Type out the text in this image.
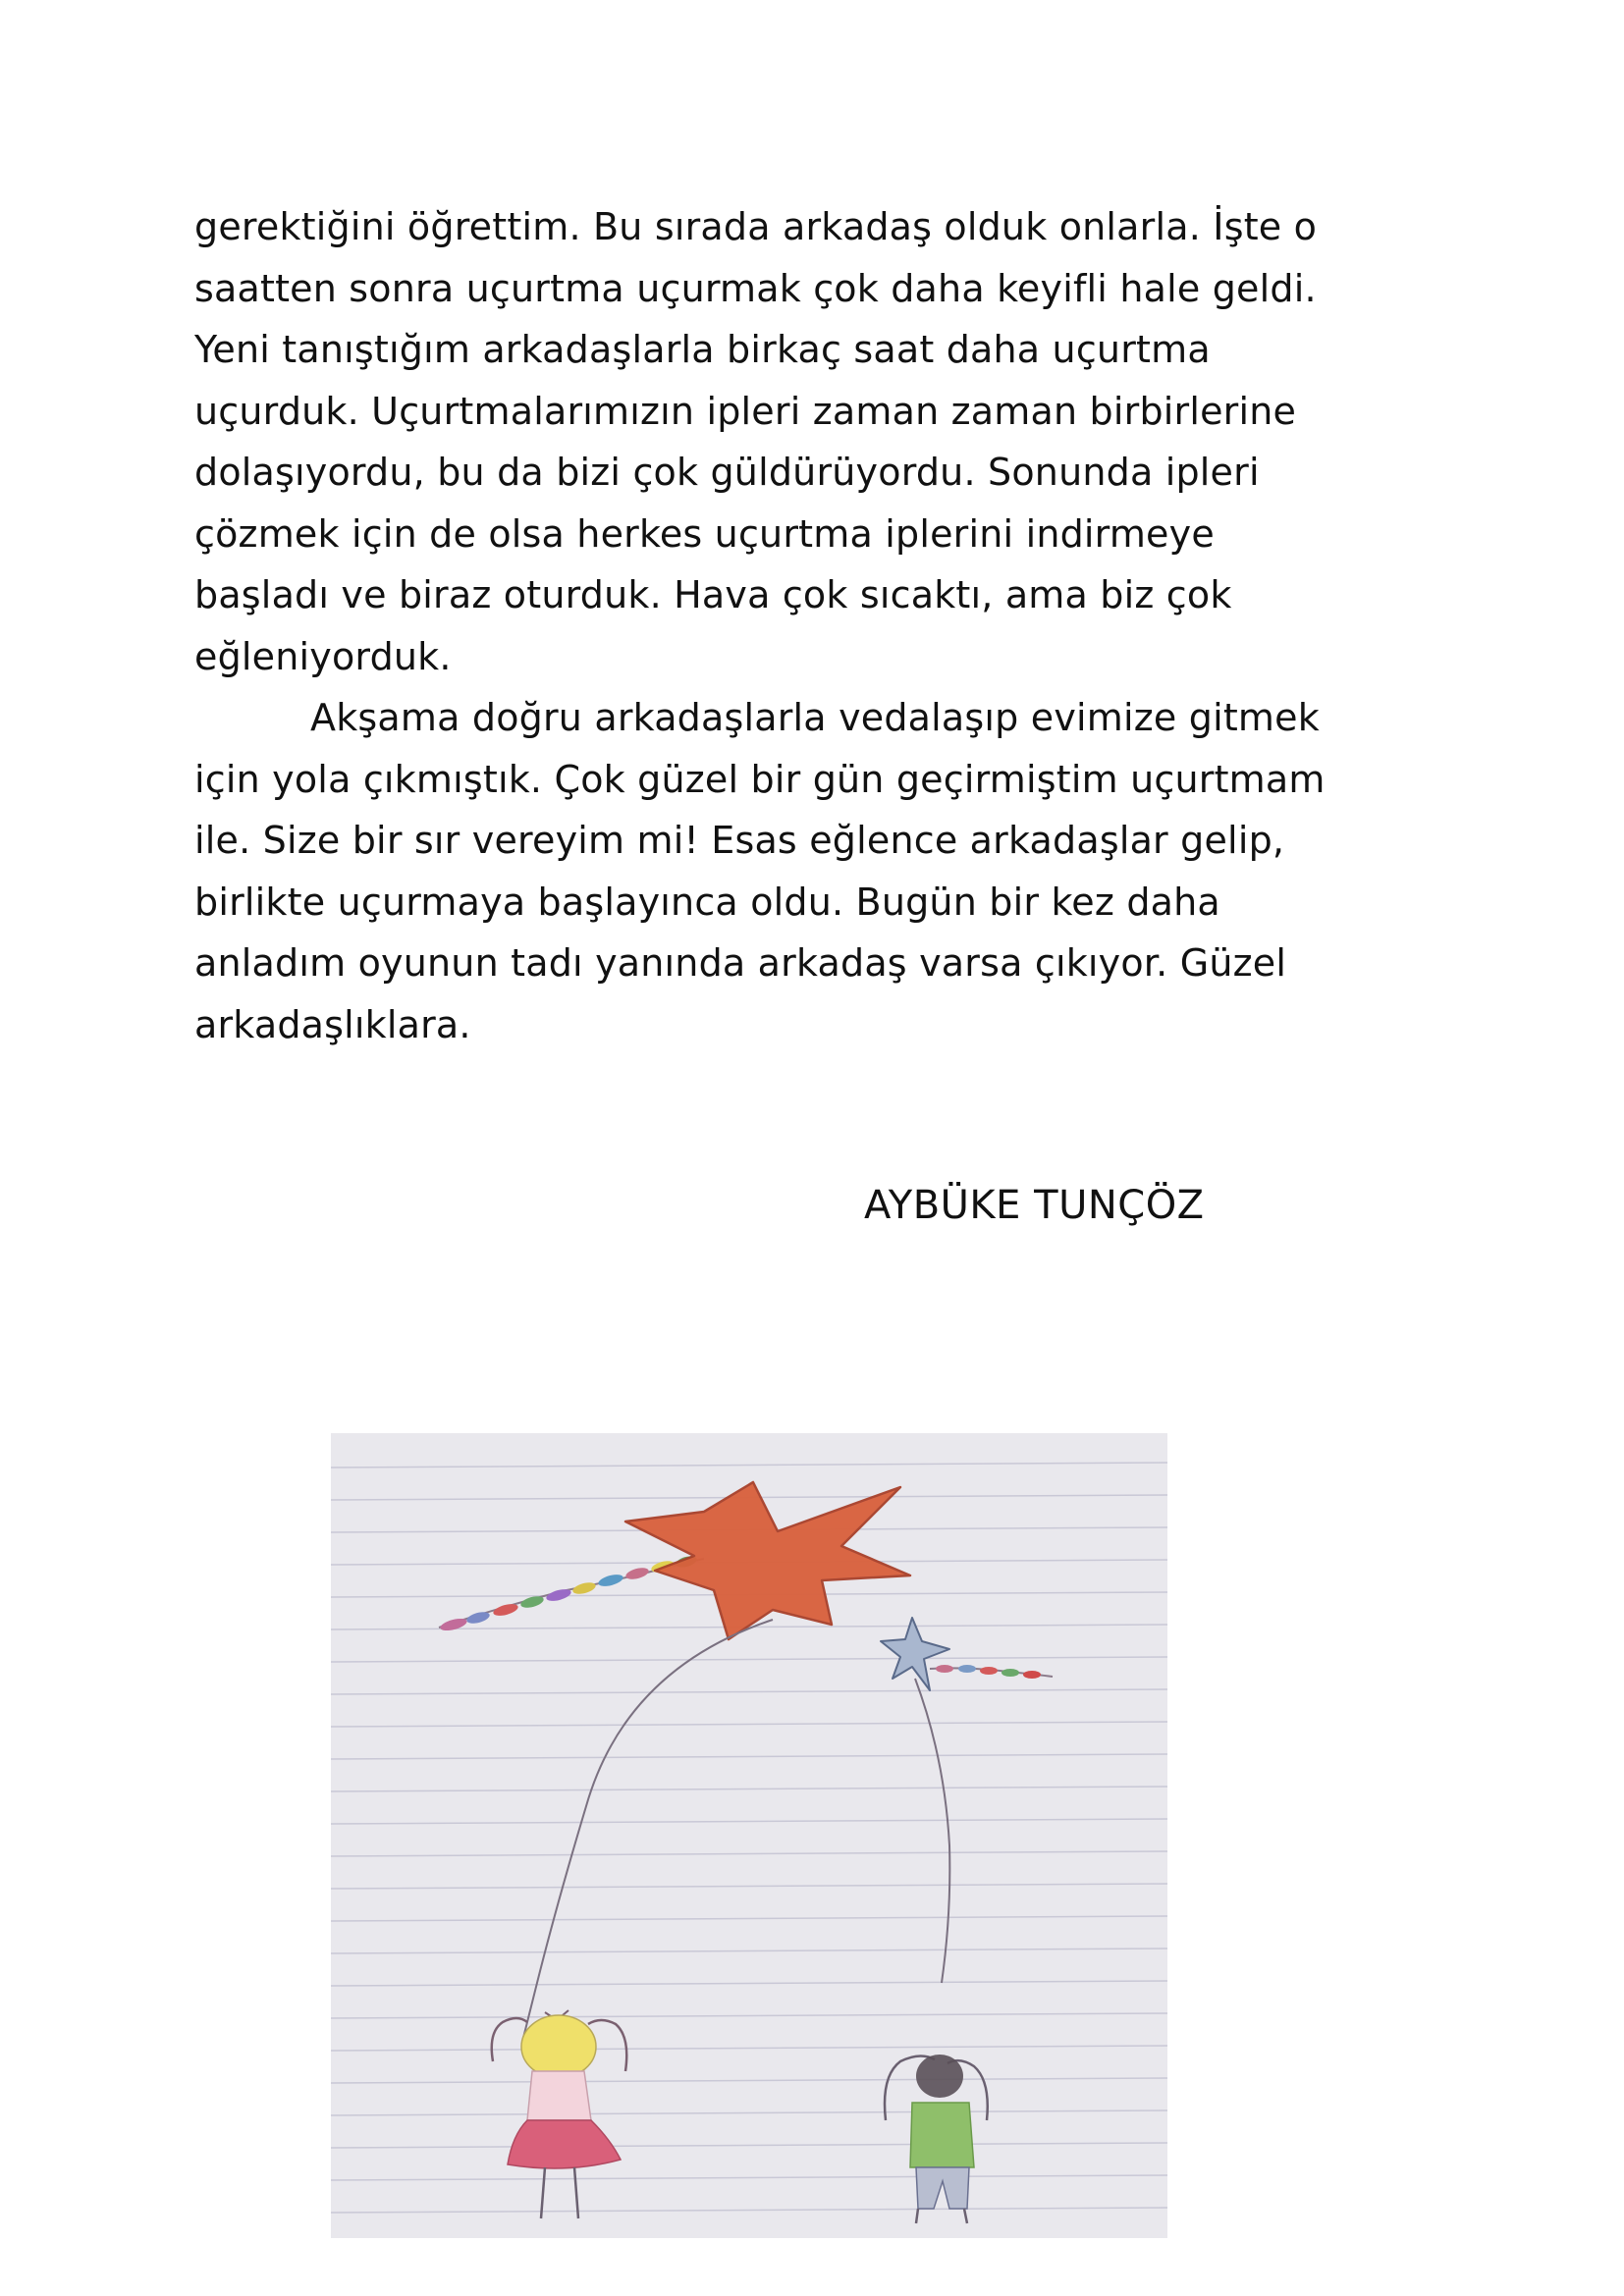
gerektiğini öğrettim. Bu sırada arkadaş olduk onlarla. İşte o
saatten sonra uçurtma uçurmak çok daha keyifli hale geldi.
Yeni tanıştığım arkadaşlarla birkaç saat daha uçurtma
uçurduk. Uçurtmalarımızın ipleri zaman zaman birbirlerine
dolaşıyordu, bu da bizi çok güldürüyordu. Sonunda ipleri
çözmek için de olsa herkes uçurtma iplerini indirmeye
başladı ve biraz oturduk. Hava çok sıcaktı, ama biz çok
eğleniyorduk.
Akşama doğru arkadaşlarla vedalaşıp evimize gitmek
için yola çıkmıştık. Çok güzel bir gün geçirmiştim uçurtmam
ile. Size bir sır vereyim mi! Esas eğlence arkadaşlar gelip,
birlikte uçurmaya başlayınca oldu. Bugün bir kez daha
anladım oyunun tadı yanında arkadaş varsa çıkıyor. Güzel
arkadaşlıklara.
AYBÜKE TUNÇÖZ
